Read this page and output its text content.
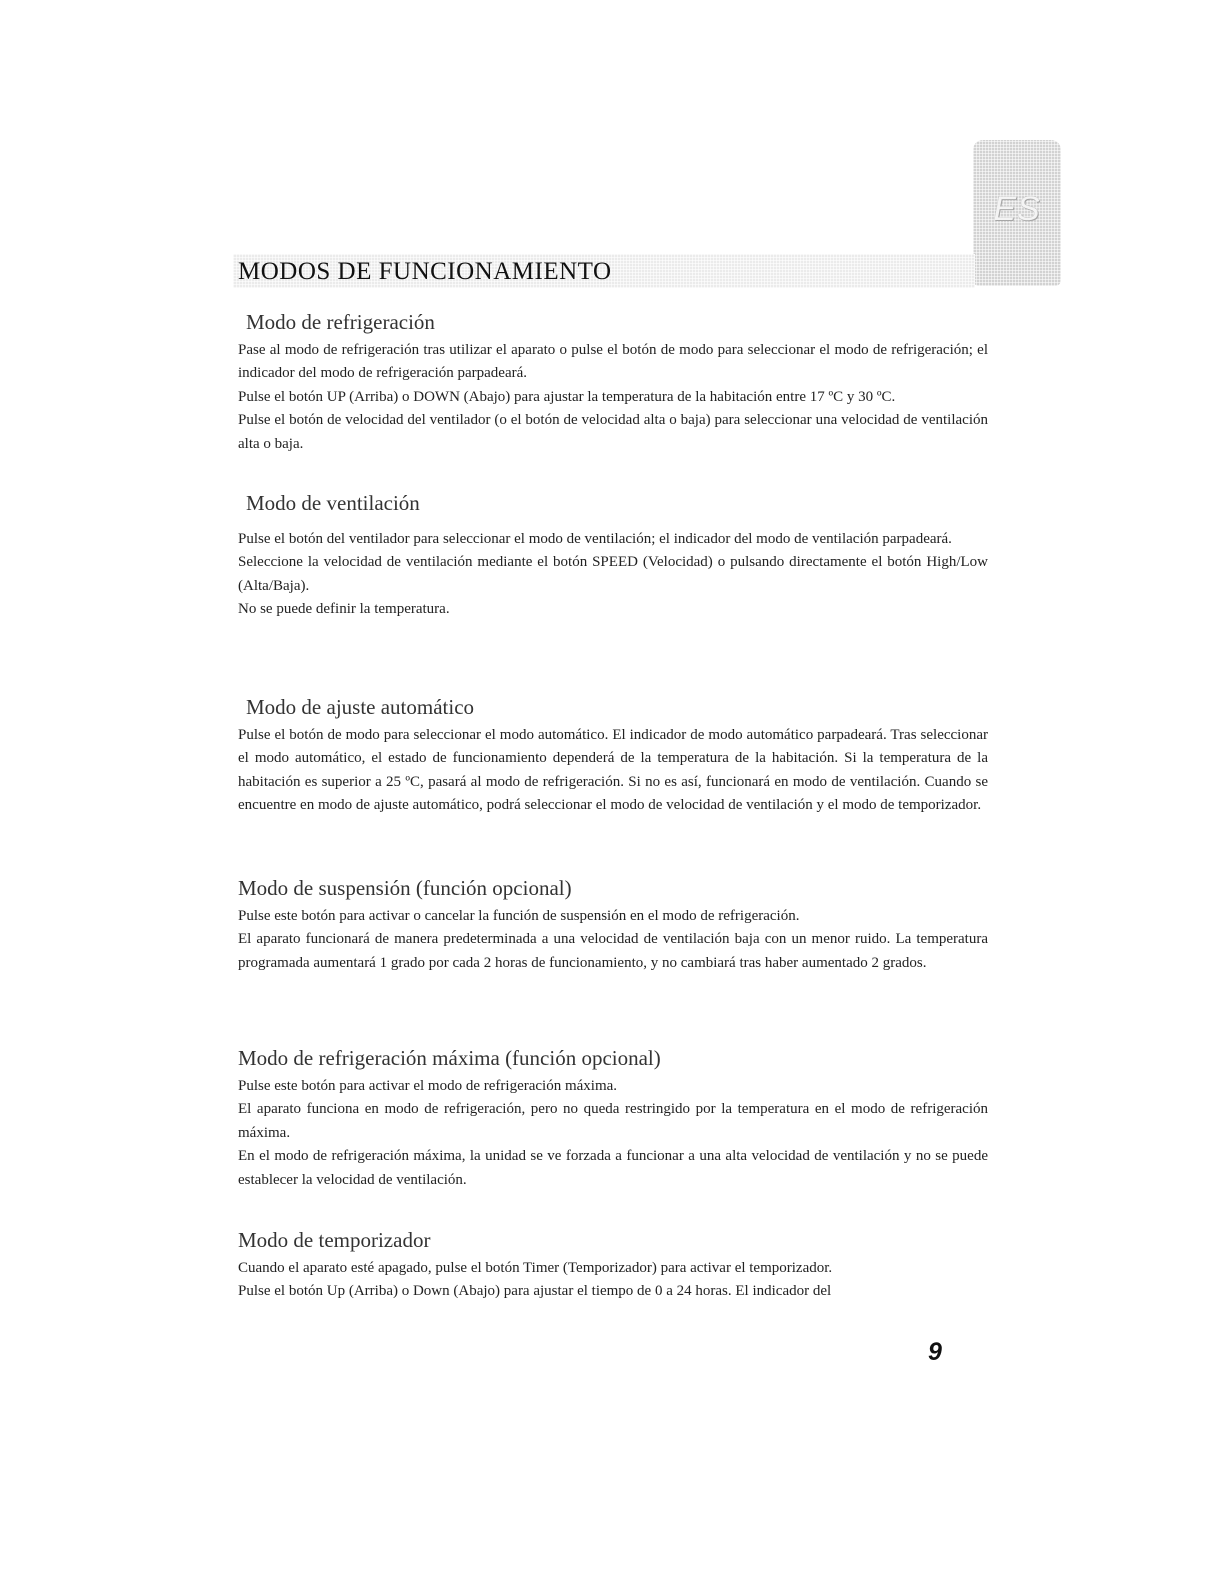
ES
MODOS DE FUNCIONAMIENTO
Modo de refrigeración

Pase al modo de refrigeración tras utilizar el aparato o pulse el botón de modo para seleccionar el modo de refrigeración; el indicador del modo de refrigeración parpadeará.

Pulse el botón UP (Arriba) o DOWN (Abajo) para ajustar la temperatura de la habitación entre 17 ºC y 30 ºC.

Pulse el botón de velocidad del ventilador (o el botón de velocidad alta o baja) para seleccionar una velocidad de ventilación alta o baja.

Modo de ventilación

Pulse el botón del ventilador para seleccionar el modo de ventilación; el indicador del modo de ventilación parpadeará.

Seleccione la velocidad de ventilación mediante el botón SPEED (Velocidad) o pulsando directamente el botón High/Low (Alta/Baja).

No se puede definir la temperatura.

Modo de ajuste automático

Pulse el botón de modo para seleccionar el modo automático. El indicador de modo automático parpadeará. Tras seleccionar el modo automático, el estado de funcionamiento dependerá de la temperatura de la habitación. Si la temperatura de la habitación es superior a 25 ºC, pasará al modo de refrigeración. Si no es así, funcionará en modo de ventilación. Cuando se encuentre en modo de ajuste automático, podrá seleccionar el modo de velocidad de ventilación y el modo de temporizador.

Modo de suspensión (función opcional)

Pulse este botón para activar o cancelar la función de suspensión en el modo de refrigeración.

El aparato funcionará de manera predeterminada a una velocidad de ventilación baja con un menor ruido. La temperatura programada aumentará 1 grado por cada 2 horas de funcionamiento, y no cambiará tras haber aumentado 2 grados.

Modo de refrigeración máxima (función opcional)

Pulse este botón para activar el modo de refrigeración máxima.

El aparato funciona en modo de refrigeración, pero no queda restringido por la temperatura en el modo de refrigeración máxima.

En el modo de refrigeración máxima, la unidad se ve forzada a funcionar a una alta velocidad de ventilación y no se puede establecer la velocidad de ventilación.

Modo de temporizador

Cuando el aparato esté apagado, pulse el botón Timer (Temporizador) para activar el temporizador.

Pulse el botón Up (Arriba) o Down (Abajo) para ajustar el tiempo de 0 a 24 horas. El indicador del

9
